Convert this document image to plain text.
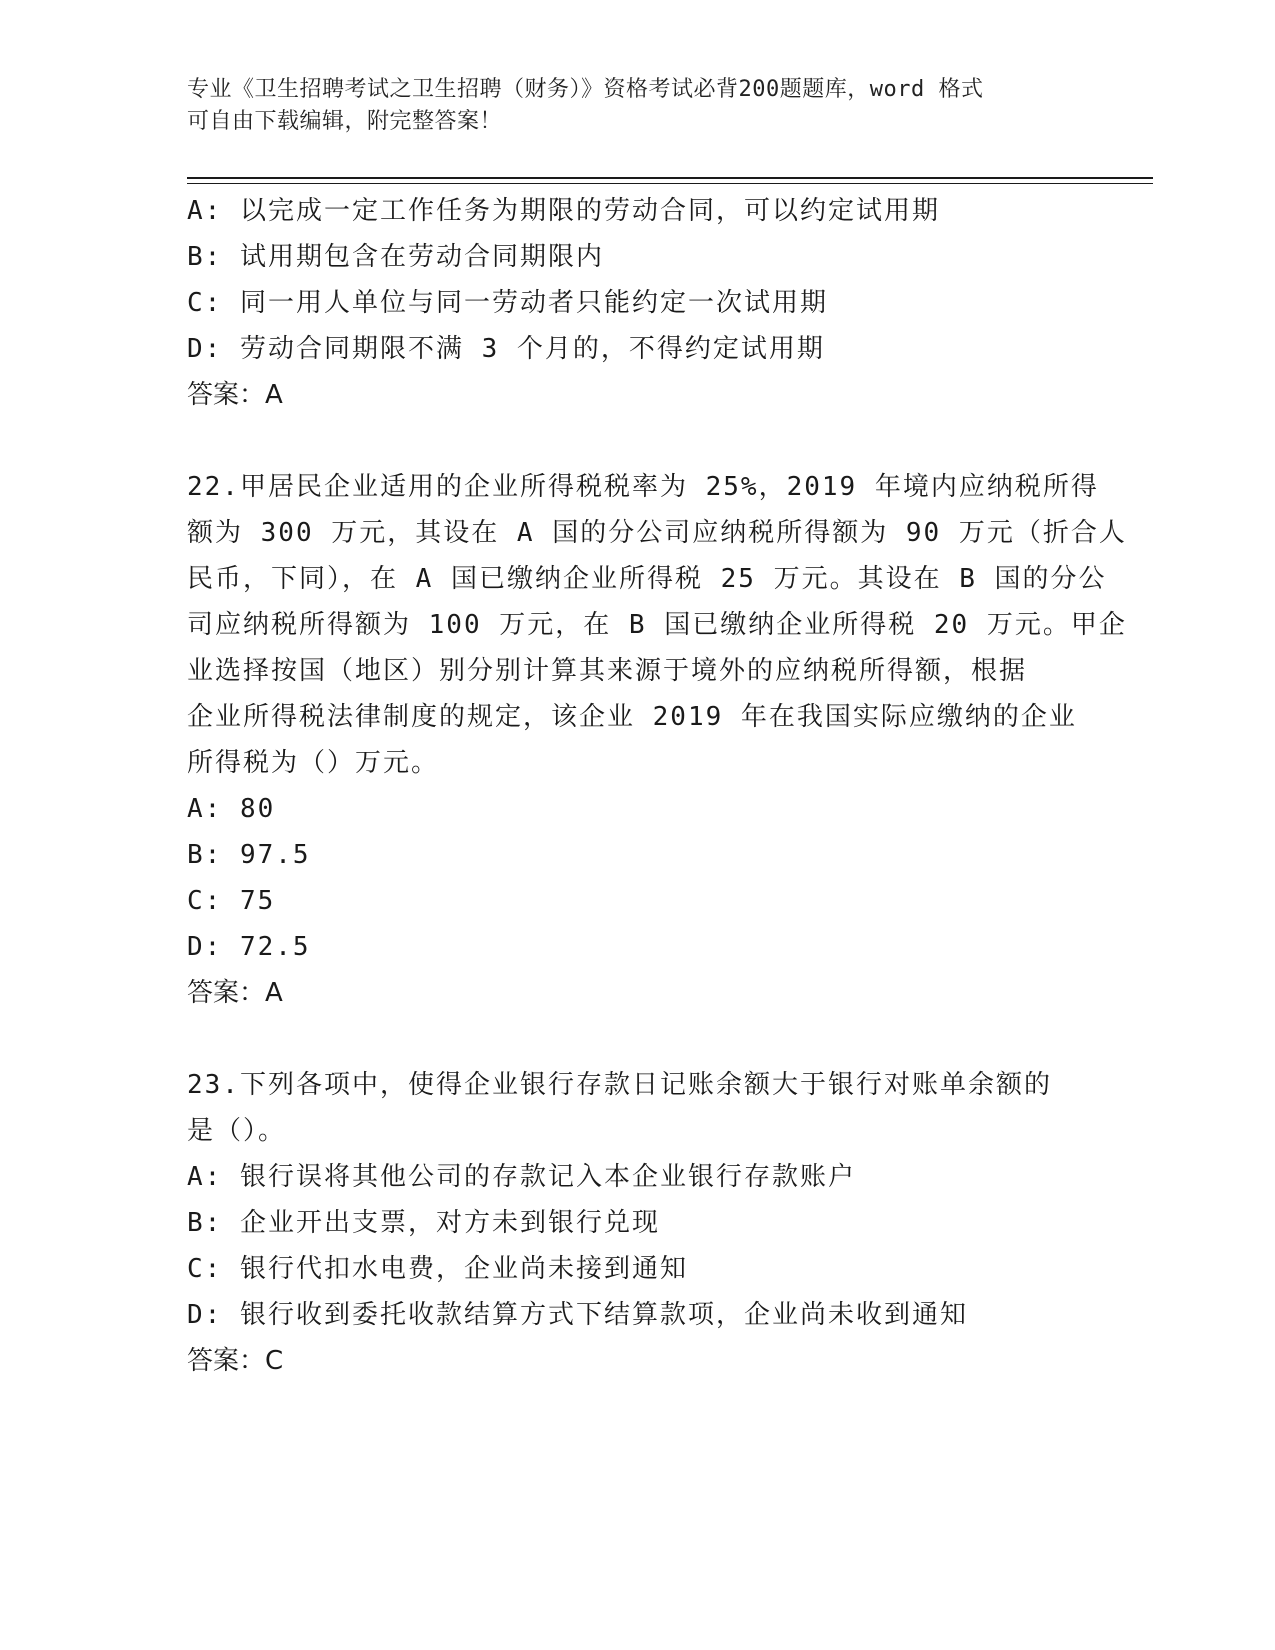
专业《卫生招聘考试之卫生招聘（财务）》资格考试必背200题题库，word 格式
可自由下载编辑，附完整答案！
A: 以完成一定工作任务为期限的劳动合同，可以约定试用期
B: 试用期包含在劳动合同期限内
C: 同一用人单位与同一劳动者只能约定一次试用期
D: 劳动合同期限不满 3 个月的，不得约定试用期
答案：A
22.甲居民企业适用的企业所得税税率为 25%，2019 年境内应纳税所得
额为 300 万元，其设在 A 国的分公司应纳税所得额为 90 万元（折合人
民币，下同），在 A 国已缴纳企业所得税 25 万元。其设在 B 国的分公
司应纳税所得额为 100 万元，在 B 国已缴纳企业所得税 20 万元。甲企
业选择按国（地区）别分别计算其来源于境外的应纳税所得额，根据
企业所得税法律制度的规定，该企业 2019 年在我国实际应缴纳的企业
所得税为（）万元。
A: 80
B: 97.5
C: 75
D: 72.5
答案：A
23.下列各项中，使得企业银行存款日记账余额大于银行对账单余额的
是（）。
A: 银行误将其他公司的存款记入本企业银行存款账户
B: 企业开出支票，对方未到银行兑现
C: 银行代扣水电费，企业尚未接到通知
D: 银行收到委托收款结算方式下结算款项，企业尚未收到通知
答案：C
